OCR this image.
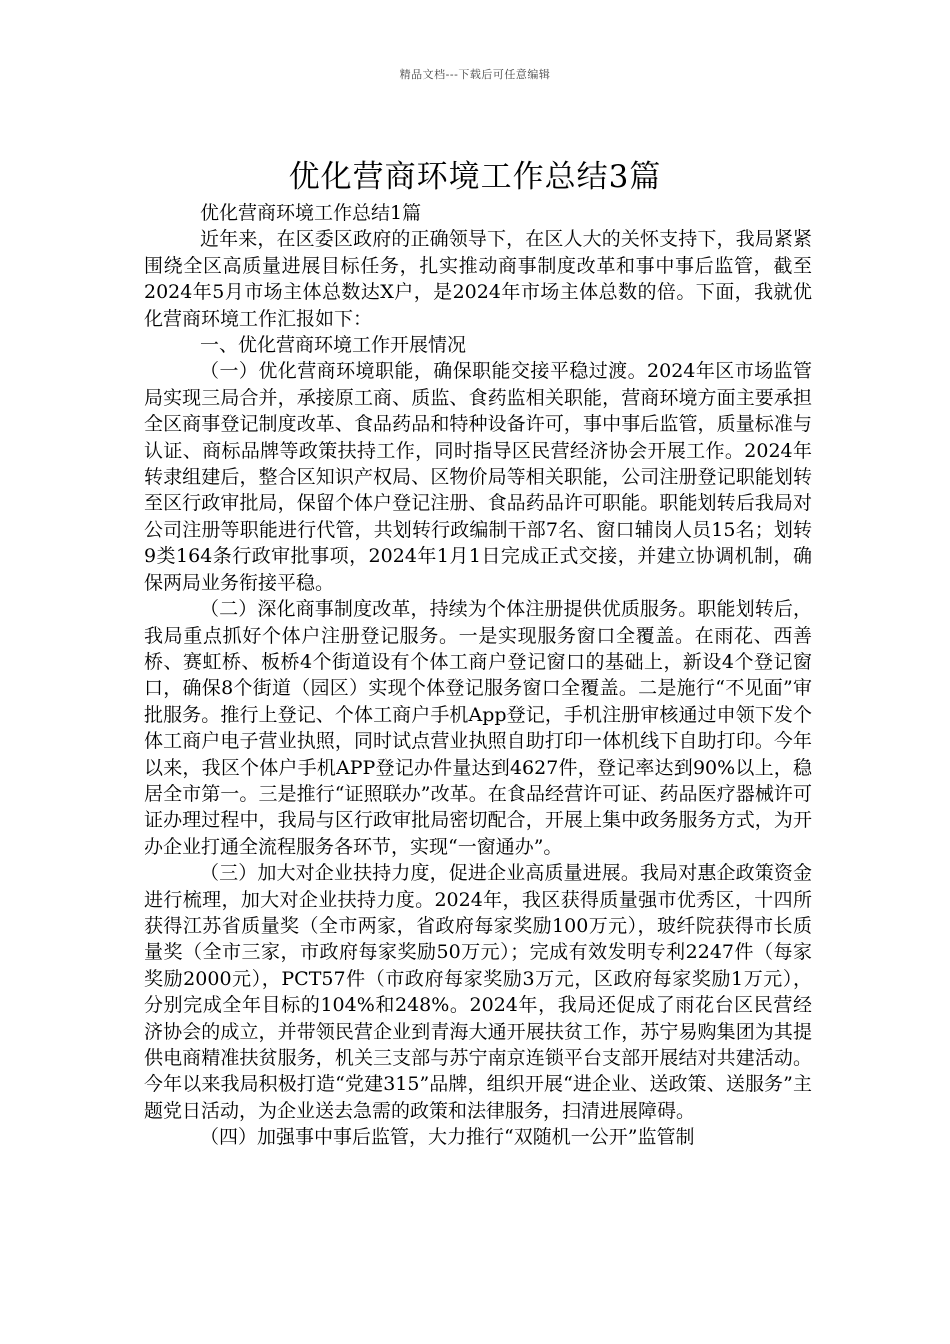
精品文档---下载后可任意编辑
优化营商环境工作总结3篇

优化营商环境工作总结1篇

近年来，在区委区政府的正确领导下，在区人大的关怀支持下，我局紧紧围绕全区高质量进展目标任务，扎实推动商事制度改革和事中事后监管，截至2024年5月市场主体总数达X户，是2024年市场主体总数的倍。下面，我就优化营商环境工作汇报如下：

一、优化营商环境工作开展情况

（一）优化营商环境职能，确保职能交接平稳过渡。2024年区市场监管局实现三局合并，承接原工商、质监、食药监相关职能，营商环境方面主要承担全区商事登记制度改革、食品药品和特种设备许可，事中事后监管，质量标准与认证、商标品牌等政策扶持工作，同时指导区民营经济协会开展工作。2024年转隶组建后，整合区知识产权局、区物价局等相关职能，公司注册登记职能划转至区行政审批局，保留个体户登记注册、食品药品许可职能。职能划转后我局对公司注册等职能进行代管，共划转行政编制干部7名、窗口辅岗人员15名；划转9类164条行政审批事项，2024年1月1日完成正式交接，并建立协调机制，确保两局业务衔接平稳。

（二）深化商事制度改革，持续为个体注册提供优质服务。职能划转后，我局重点抓好个体户注册登记服务。一是实现服务窗口全覆盖。在雨花、西善桥、赛虹桥、板桥4个街道设有个体工商户登记窗口的基础上，新设4个登记窗口，确保8个街道（园区）实现个体登记服务窗口全覆盖。二是施行“不见面”审批服务。推行上登记、个体工商户手机App登记，手机注册审核通过申领下发个体工商户电子营业执照，同时试点营业执照自助打印一体机线下自助打印。今年以来，我区个体户手机APP登记办件量达到4627件，登记率达到90%以上，稳居全市第一。三是推行“证照联办”改革。在食品经营许可证、药品医疗器械许可证办理过程中，我局与区行政审批局密切配合，开展上集中政务服务方式，为开办企业打通全流程服务各环节，实现“一窗通办”。

（三）加大对企业扶持力度，促进企业高质量进展。我局对惠企政策资金进行梳理，加大对企业扶持力度。2024年，我区获得质量强市优秀区，十四所获得江苏省质量奖（全市两家，省政府每家奖励100万元），玻纤院获得市长质量奖（全市三家，市政府每家奖励50万元）；完成有效发明专利2247件（每家奖励2000元），PCT57件（市政府每家奖励3万元，区政府每家奖励1万元），分别完成全年目标的104%和248%。2024年，我局还促成了雨花台区民营经济协会的成立，并带领民营企业到青海大通开展扶贫工作，苏宁易购集团为其提供电商精准扶贫服务，机关三支部与苏宁南京连锁平台支部开展结对共建活动。今年以来我局积极打造“党建315”品牌，组织开展“进企业、送政策、送服务”主题党日活动，为企业送去急需的政策和法律服务，扫清进展障碍。

（四）加强事中事后监管，大力推行“双随机一公开”监管制
